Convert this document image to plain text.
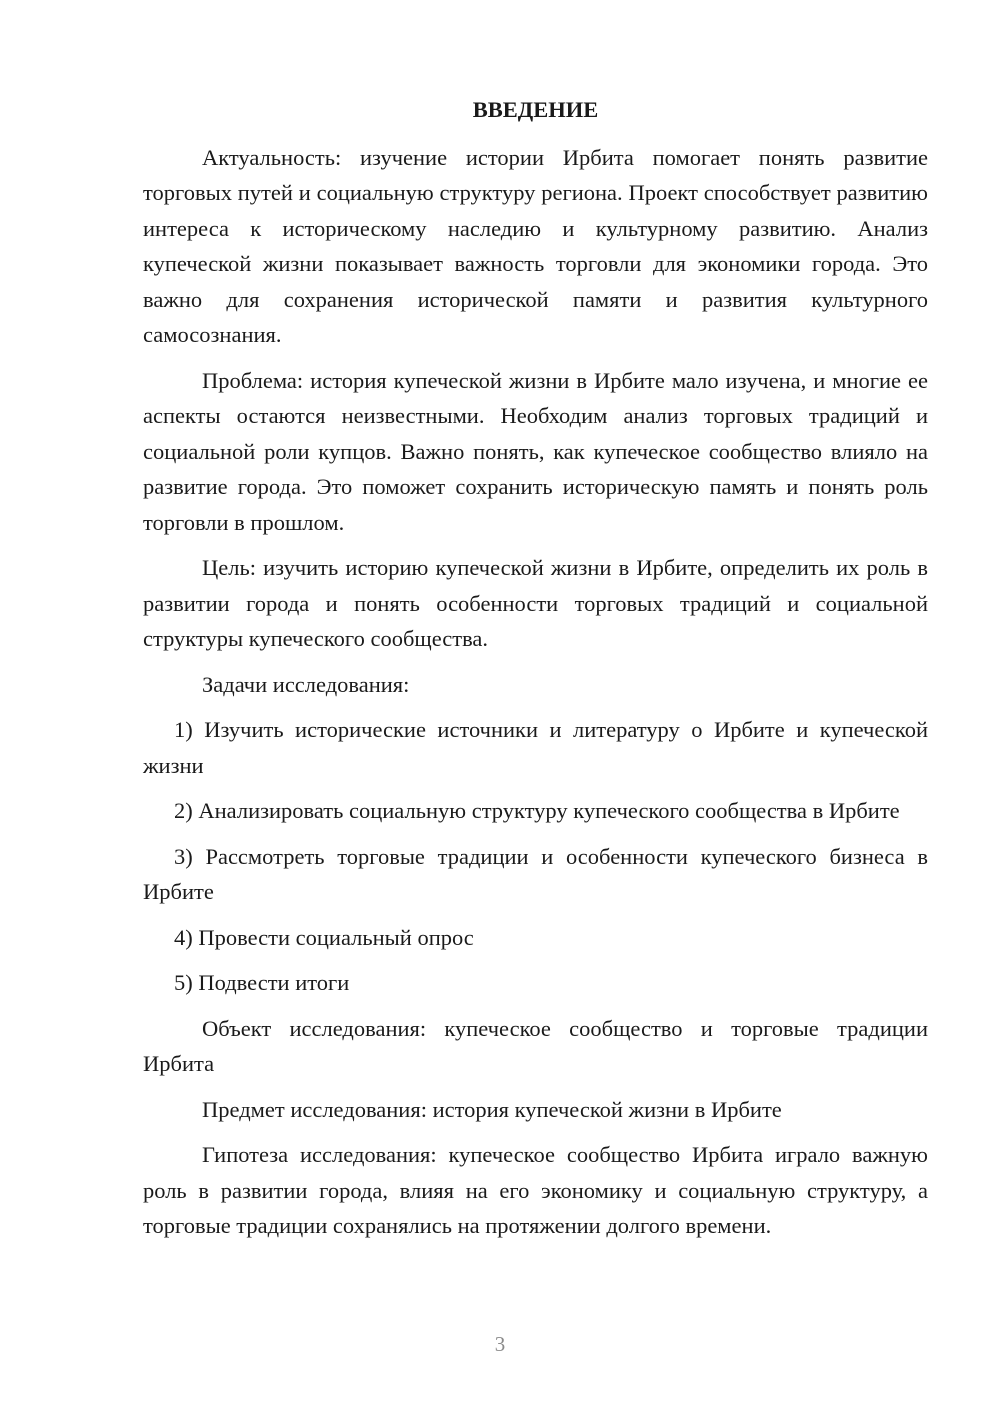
ВВЕДЕНИЕ

Актуальность: изучение истории Ирбита помогает понять развитие торговых путей и социальную структуру региона. Проект способствует развитию интереса к историческому наследию и культурному развитию. Анализ купеческой жизни показывает важность торговли для экономики города. Это важно для сохранения исторической памяти и развития культурного самосознания.

Проблема: история купеческой жизни в Ирбите мало изучена, и многие ее аспекты остаются неизвестными. Необходим анализ торговых традиций и социальной роли купцов. Важно понять, как купеческое сообщество влияло на развитие города. Это поможет сохранить историческую память и понять роль торговли в прошлом.

Цель: изучить историю купеческой жизни в Ирбите, определить их роль в развитии города и понять особенности торговых традиций и социальной структуры купеческого сообщества.

Задачи исследования:

1) Изучить исторические источники и литературу о Ирбите и купеческой жизни

2) Анализировать социальную структуру купеческого сообщества в Ирбите

3) Рассмотреть торговые традиции и особенности купеческого бизнеса в Ирбите

4) Провести социальный опрос

5) Подвести итоги

Объект исследования: купеческое сообщество и торговые традиции Ирбита

Предмет исследования: история купеческой жизни в Ирбите

Гипотеза исследования: купеческое сообщество Ирбита играло важную роль в развитии города, влияя на его экономику и социальную структуру, а торговые традиции сохранялись на протяжении долгого времени.

3
